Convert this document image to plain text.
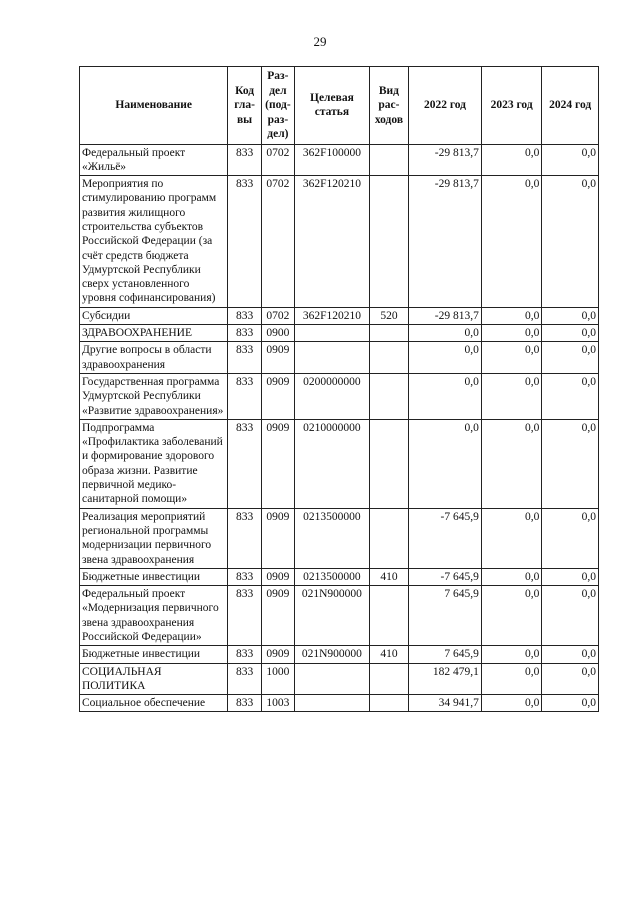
29
Наименование	Код гла- вы	Раз- дел (под- раз- дел)	Целевая статья	Вид рас- ходов	2022 год	2023 год	2024 год
Федеральный проект «Жильё»	833	0702	362F100000		-29 813,7	0,0	0,0
Мероприятия по стимулированию программ развития жилищного строительства субъектов Российской Федерации (за счёт средств бюджета Удмуртской Республики сверх установленного уровня софинансирования)	833	0702	362F120210		-29 813,7	0,0	0,0
Субсидии	833	0702	362F120210	520	-29 813,7	0,0	0,0
ЗДРАВООХРАНЕНИЕ	833	0900			0,0	0,0	0,0
Другие вопросы в области здравоохранения	833	0909			0,0	0,0	0,0
Государственная программа Удмуртской Республики «Развитие здравоохранения»	833	0909	0200000000		0,0	0,0	0,0
Подпрограмма «Профилактика заболеваний и формирование здорового образа жизни. Развитие первичной медико-санитарной помощи»	833	0909	0210000000		0,0	0,0	0,0
Реализация мероприятий региональной программы модернизации первичного звена здравоохранения	833	0909	0213500000		-7 645,9	0,0	0,0
Бюджетные инвестиции	833	0909	0213500000	410	-7 645,9	0,0	0,0
Федеральный проект «Модернизация первичного звена здравоохранения Российской Федерации»	833	0909	021N900000		7 645,9	0,0	0,0
Бюджетные инвестиции	833	0909	021N900000	410	7 645,9	0,0	0,0
СОЦИАЛЬНАЯ ПОЛИТИКА	833	1000			182 479,1	0,0	0,0
Социальное обеспечение	833	1003			34 941,7	0,0	0,0
